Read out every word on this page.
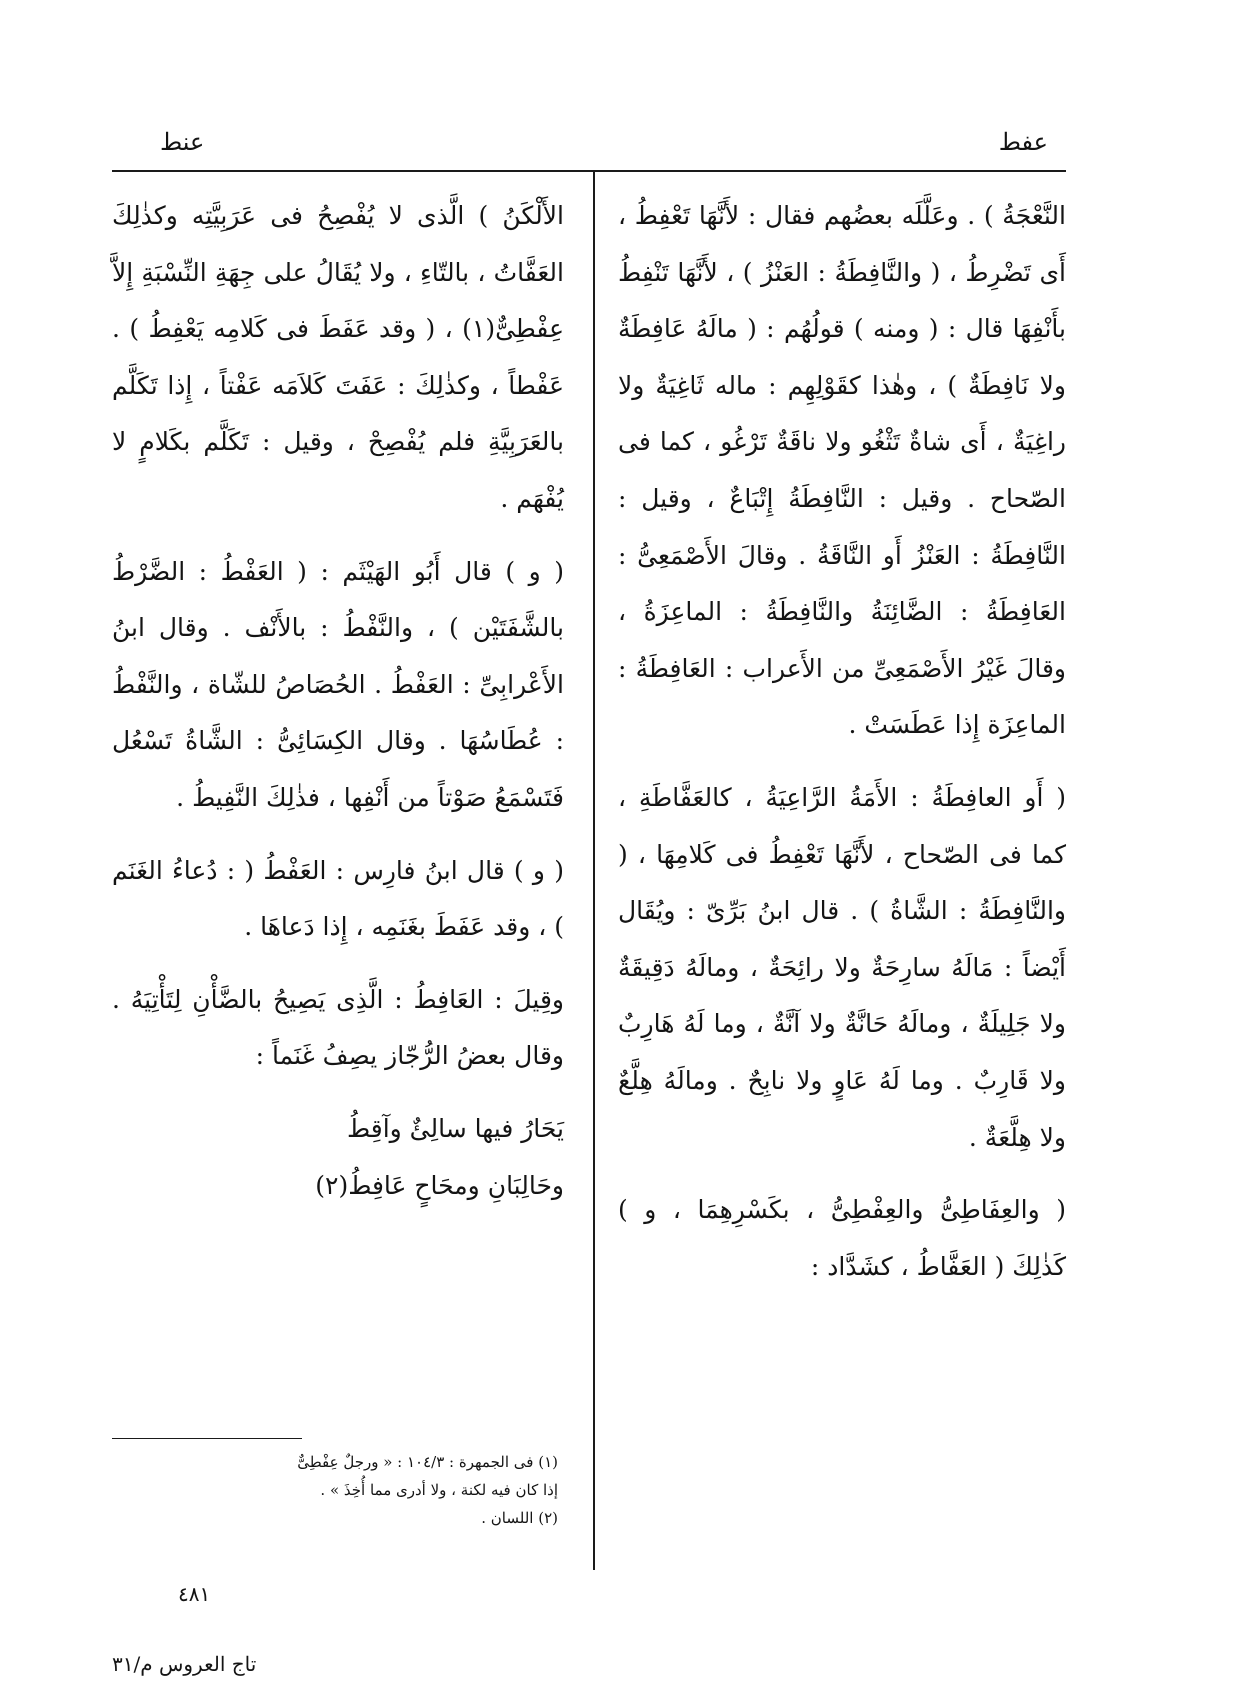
عفط
عنط

النَّعْجَةُ ) . وعَلَّلَه بعضُهم فقال : لأَنَّهَا تَعْفِطُ ، أَى تَضْرِطُ ، ( والنَّافِطَةُ : العَنْزُ ) ، لأَنَّهَا تَنْفِطُ بأَنْفِهَا قال : ( ومنه ) قولُهُم : ( مالَهُ عَافِطَةٌ ولا نَافِطَةٌ ) ، وهٰذا كقَوْلِهِم : ماله ثَاغِيَةٌ ولا راغِيَةٌ ، أَى شاةٌ تَثْغُو ولا ناقَةٌ تَرْغُو ، كما فى الصّحاح . وقيل : النَّافِطَةُ إِتْبَاعٌ ، وقيل : النَّافِطَةُ : العَنْزُ أَو النَّاقَةُ . وقالَ الأَصْمَعِىُّ : العَافِطَةُ : الضَّائِنَةُ والنَّافِطَةُ : الماعِزَةُ ، وقالَ غَيْرُ الأَصْمَعِىِّ من الأَعراب : العَافِطَةُ : الماعِزَة إِذا عَطَسَتْ .

( أَو العافِطَةُ : الأَمَةُ الرَّاعِيَةُ ، كالعَفَّاطَةِ ، كما فى الصّحاح ، لأَنَّهَا تَعْفِطُ فى كَلامِهَا ، ( والنَّافِطَةُ : الشَّاةُ ) . قال ابنُ بَرِّىّ : ويُقَال أَيْضاً : مَالَهُ سارِحَةٌ ولا رائِحَةٌ ، ومالَهُ دَقِيقَةٌ ولا جَلِيلَةٌ ، ومالَهُ حَانَّةٌ ولا آنَّةٌ ، وما لَهُ هَارِبٌ ولا قَارِبٌ . وما لَهُ عَاوٍ ولا نابِحٌ . ومالَهُ هِلَّعٌ ولا هِلَّعَةٌ .

( والعِفَاطِىُّ والعِفْطِىُّ ، بكَسْرِهِمَا ، و ) كَذٰلِكَ ( العَفَّاطُ ، كشَدَّاد :

الأَلْكَنُ ) الَّذى لا يُفْصِحُ فى عَرَبِيَّتِه وكذٰلِكَ العَفَّاتُ ، بالتّاءِ ، ولا يُقَالُ على جِهَةِ النِّسْبَةِ إِلاَّ عِفْطِىٌّ(١) ، ( وقد عَفَطَ فى كَلامِه يَعْفِطُ ) . عَفْطاً ، وكذٰلِكَ : عَفَتَ كَلاَمَه عَفْتاً ، إِذا تَكَلَّم بالعَرَبِيَّةِ فلم يُفْصِحْ ، وقيل : تَكَلَّم بكَلامٍ لا يُفْهَم .

( و ) قال أَبُو الهَيْثَم : ( العَفْطُ : الضَّرْطُ بالشَّفَتَيْن ) ، والنَّفْطُ : بالأَنْف . وقال ابنُ الأَعْرابِىِّ : العَفْطُ . الحُصَاصُ للشّاة ، والنَّفْطُ : عُطَاسُهَا . وقال الكِسَائِىُّ : الشَّاةُ تَسْعُل فَتَسْمَعُ صَوْتاً من أَنْفِها ، فذٰلِكَ النَّفِيطُ .

( و ) قال ابنُ فارِس : العَفْطُ ( : دُعاءُ الغَنَم ) ، وقد عَفَطَ بغَنَمِه ، إِذا دَعاهَا .

وقِيلَ : العَافِطُ : الَّذِى يَصِيحُ بالضَّأْنِ لِتَأْتِيَهُ . وقال بعضُ الرُّجّاز يصِفُ غَنَماً :

يَحَارُ فيها سالِئٌ وآقِطُ

وحَالِبَانِ ومحَاحٍ عَافِطُ(٢)

(١) فى الجمهرة : ١٠٤/٣ : « ورجلٌ عِفْطِىٌّ

إذا كان فيه لكنة ، ولا أدرى مما أُخِذَ » .

(٢) اللسان .

٤٨١
تاج العروس م/٣١
